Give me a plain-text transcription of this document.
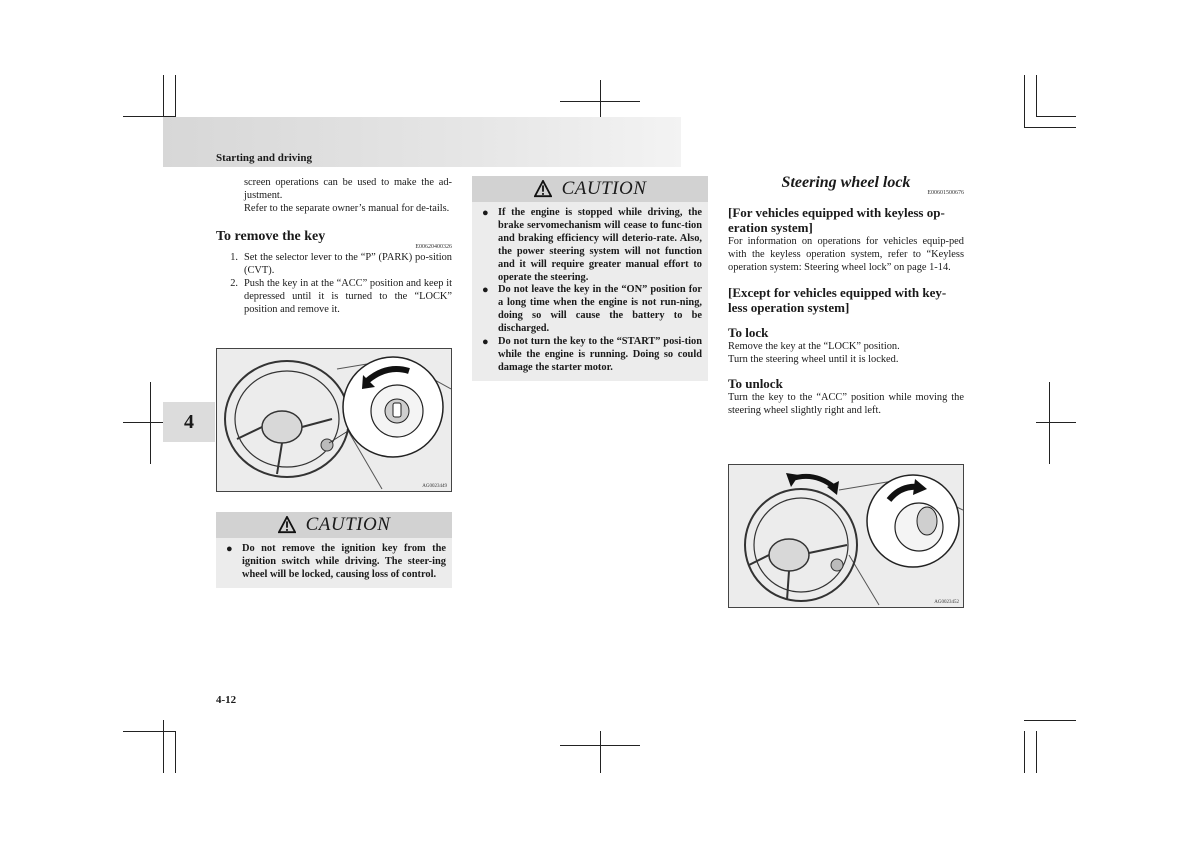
Starting and driving
4
4-12
screen operations can be used to make the ad-justment.
Refer to the separate owner’s manual for de-tails.
To remove the key
E00620400326
1. Set the selector lever to the “P” (PARK) po-sition (CVT).
2. Push the key in at the “ACC” position and keep it depressed until it is turned to the “LOCK” position and remove it.
AG0023449
CAUTION
● Do not remove the ignition key from the ignition switch while driving. The steer-ing wheel will be locked, causing loss of control.
CAUTION
● If the engine is stopped while driving, the brake servomechanism will cease to func-tion and braking efficiency will deterio-rate. Also, the power steering system will not function and it will require greater manual effort to operate the steering.
● Do not leave the key in the “ON” position for a long time when the engine is not run-ning, doing so will cause the battery to be discharged.
● Do not turn the key to the “START” posi-tion while the engine is running. Doing so could damage the starter motor.
Steering wheel lock
E00601500676
[For vehicles equipped with keyless op-eration system]
For information on operations for vehicles equip-ped with the keyless operation system, refer to “Keyless operation system: Steering wheel lock” on page 1-14.
[Except for vehicles equipped with key-less operation system]
To lock
Remove the key at the “LOCK” position.
Turn the steering wheel until it is locked.
To unlock
Turn the key to the “ACC” position while moving the steering wheel slightly right and left.
AG0023452
